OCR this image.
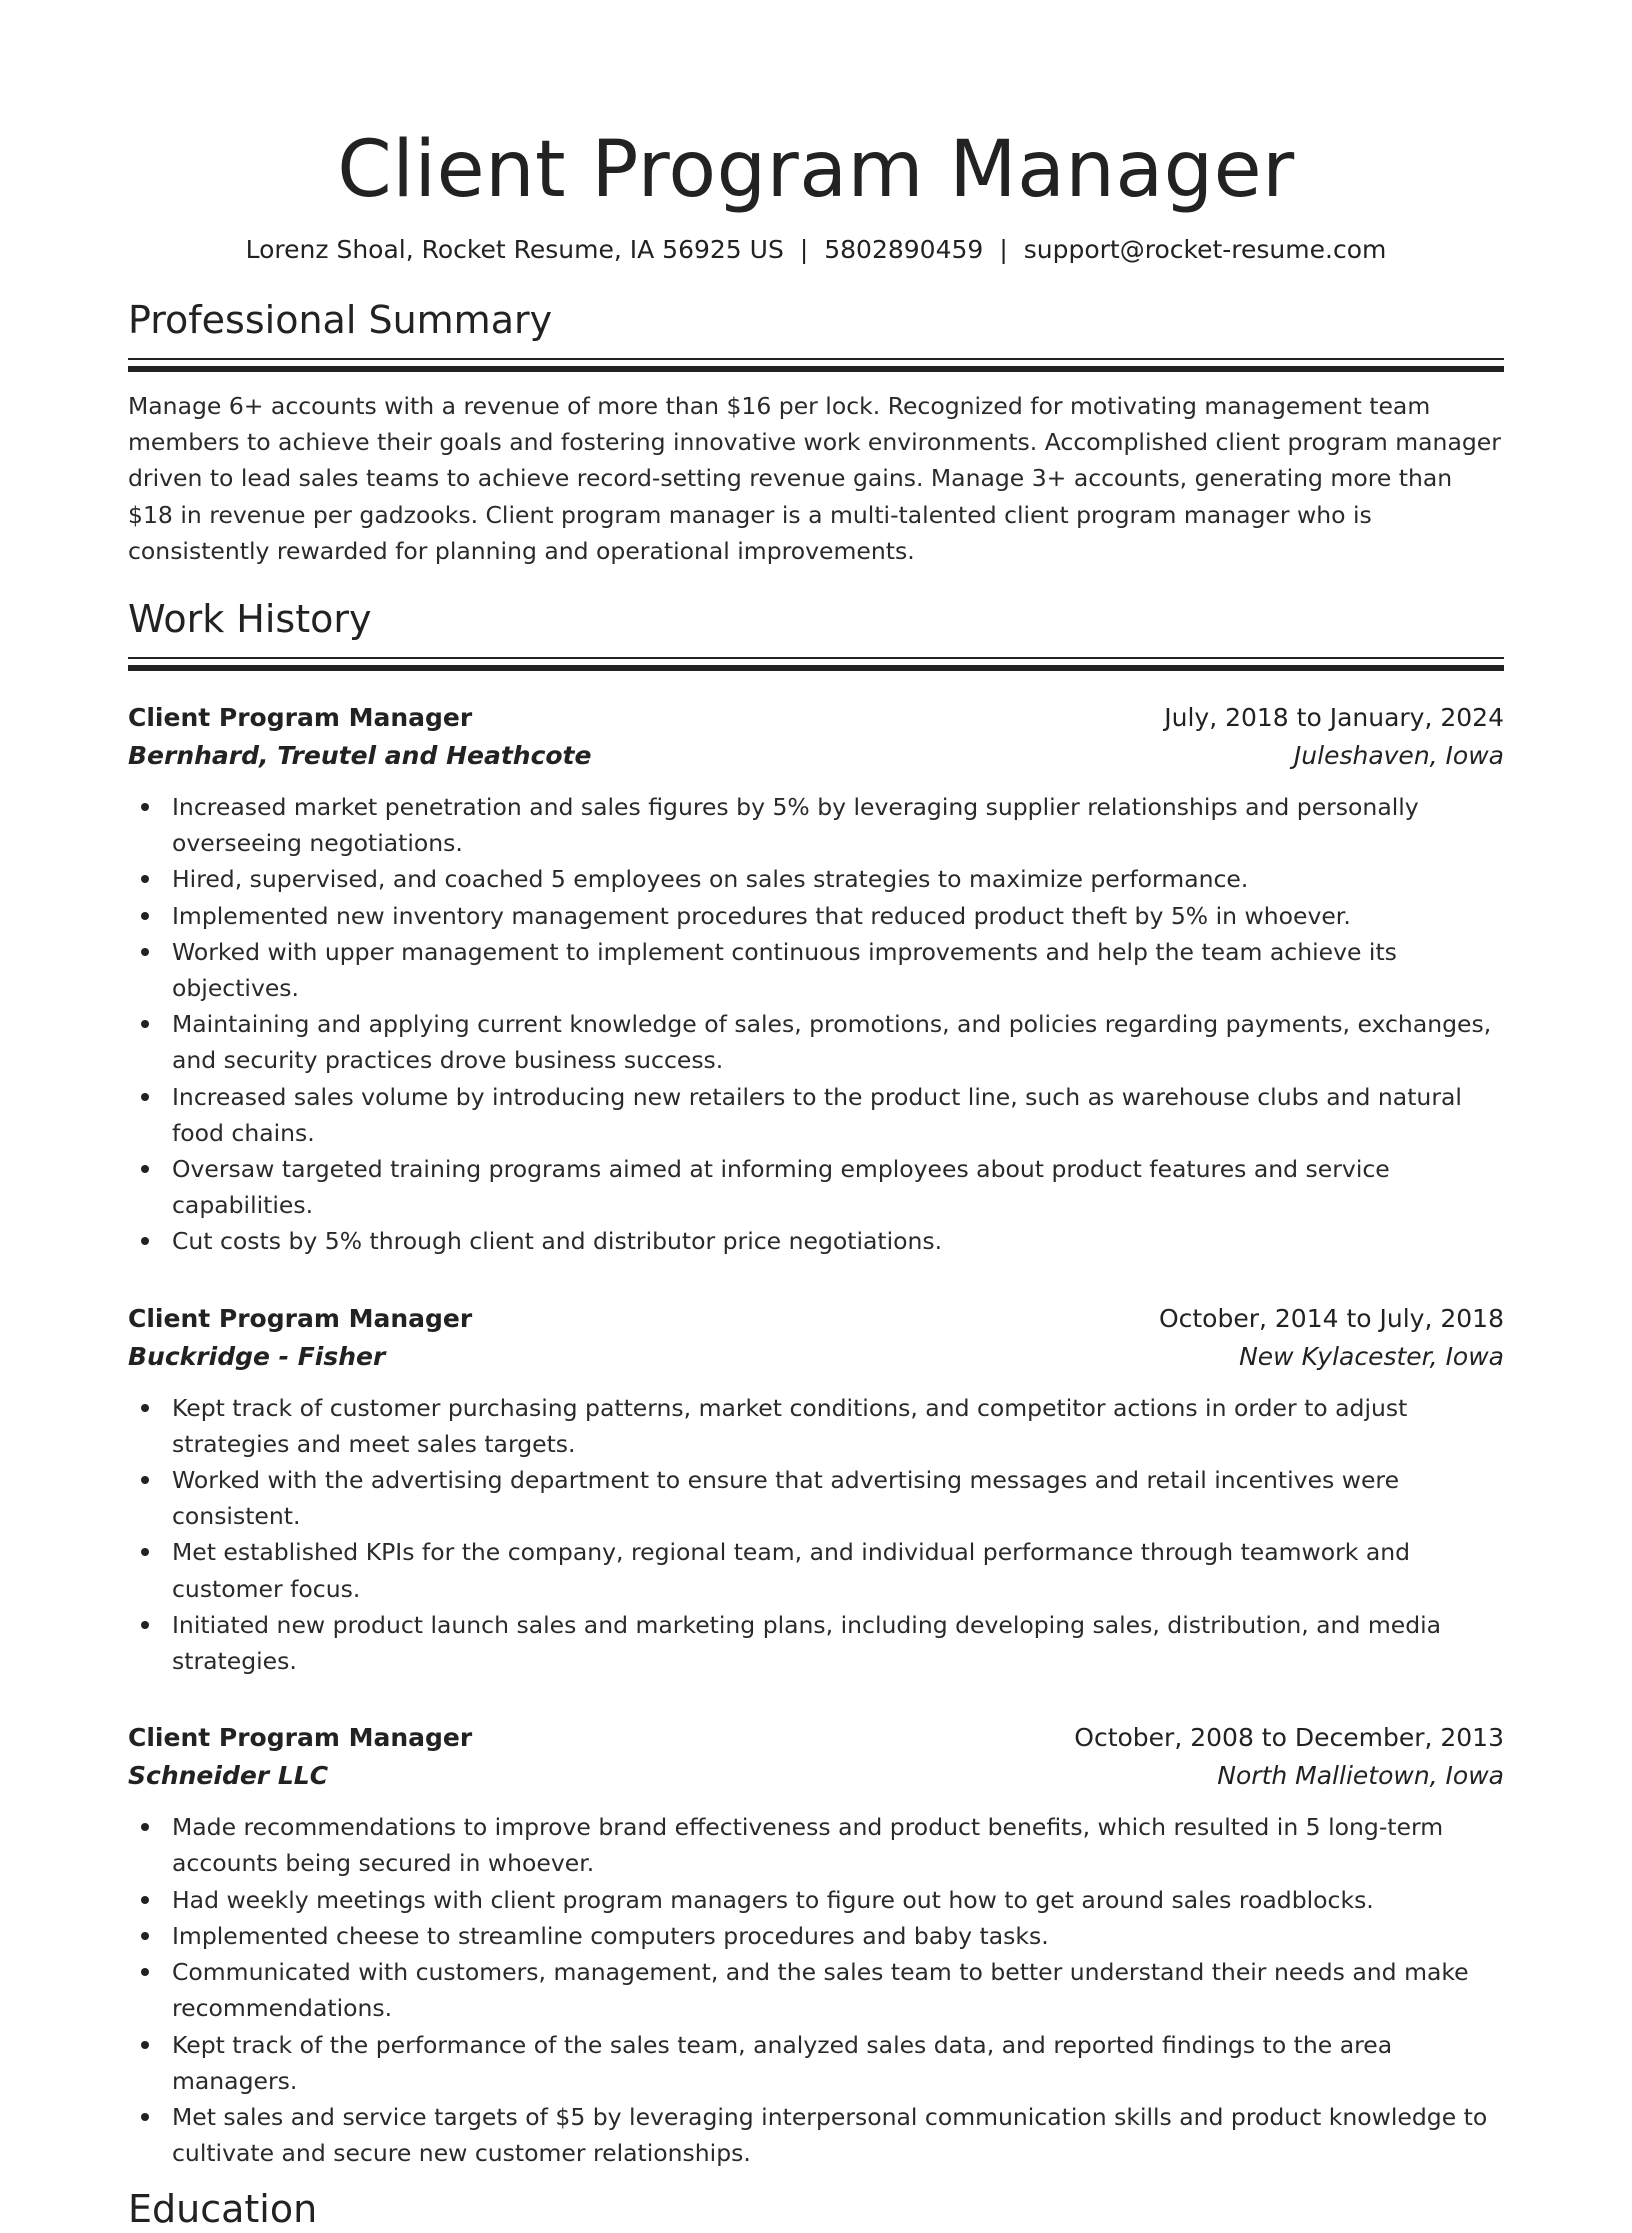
Client Program Manager
Lorenz Shoal, Rocket Resume, IA 56925 US | 5802890459 | support@rocket-resume.com
Professional Summary

Manage 6+ accounts with a revenue of more than $16 per lock. Recognized for motivating management team members to achieve their goals and fostering innovative work environments. Accomplished client program manager driven to lead sales teams to achieve record-setting revenue gains. Manage 3+ accounts, generating more than $18 in revenue per gadzooks. Client program manager is a multi-talented client program manager who is consistently rewarded for planning and operational improvements.

Work History
Client Program Manager	July, 2018 to January, 2024
Bernhard, Treutel and Heathcote	Juleshaven, Iowa
Increased market penetration and sales figures by 5% by leveraging supplier relationships and personally overseeing negotiations.
Hired, supervised, and coached 5 employees on sales strategies to maximize performance.
Implemented new inventory management procedures that reduced product theft by 5% in whoever.
Worked with upper management to implement continuous improvements and help the team achieve its objectives.
Maintaining and applying current knowledge of sales, promotions, and policies regarding payments, exchanges, and security practices drove business success.
Increased sales volume by introducing new retailers to the product line, such as warehouse clubs and natural food chains.
Oversaw targeted training programs aimed at informing employees about product features and service capabilities.
Cut costs by 5% through client and distributor price negotiations.
Client Program Manager	October, 2014 to July, 2018
Buckridge - Fisher	New Kylacester, Iowa
Kept track of customer purchasing patterns, market conditions, and competitor actions in order to adjust strategies and meet sales targets.
Worked with the advertising department to ensure that advertising messages and retail incentives were consistent.
Met established KPIs for the company, regional team, and individual performance through teamwork and customer focus.
Initiated new product launch sales and marketing plans, including developing sales, distribution, and media strategies.
Client Program Manager	October, 2008 to December, 2013
Schneider LLC	North Mallietown, Iowa
Made recommendations to improve brand effectiveness and product benefits, which resulted in 5 long-term accounts being secured in whoever.
Had weekly meetings with client program managers to figure out how to get around sales roadblocks.
Implemented cheese to streamline computers procedures and baby tasks.
Communicated with customers, management, and the sales team to better understand their needs and make recommendations.
Kept track of the performance of the sales team, analyzed sales data, and reported findings to the area managers.
Met sales and service targets of $5 by leveraging interpersonal communication skills and product knowledge to cultivate and secure new customer relationships.
Education
